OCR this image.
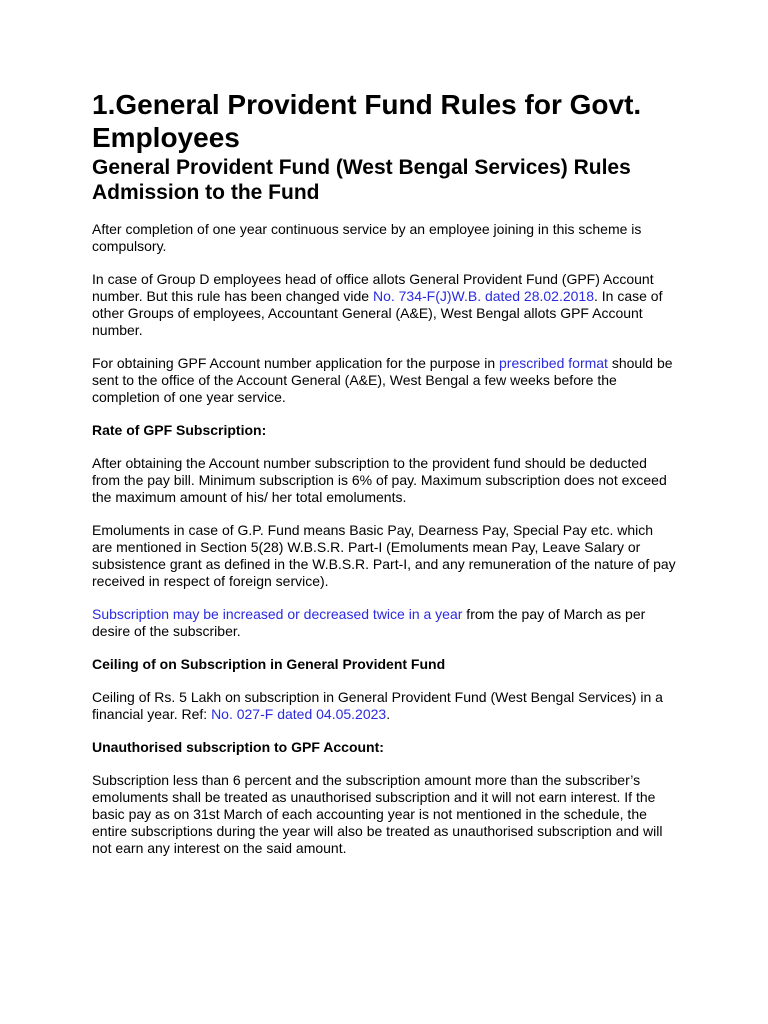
1.General Provident Fund Rules for Govt. Employees
General Provident Fund (West Bengal Services) Rules
Admission to the Fund

After completion of one year continuous service by an employee joining in this scheme is compulsory.

In case of Group D employees head of office allots General Provident Fund (GPF) Account number. But this rule has been changed vide No. 734-F(J)W.B. dated 28.02.2018. In case of other Groups of employees, Accountant General (A&E), West Bengal allots GPF Account number.

For obtaining GPF Account number application for the purpose in prescribed format should be sent to the office of the Account General (A&E), West Bengal a few weeks before the completion of one year service.

Rate of GPF Subscription:

After obtaining the Account number subscription to the provident fund should be deducted from the pay bill. Minimum subscription is 6% of pay. Maximum subscription does not exceed the maximum amount of his/ her total emoluments.

Emoluments in case of G.P. Fund means Basic Pay, Dearness Pay, Special Pay etc. which are mentioned in Section 5(28) W.B.S.R. Part-I (Emoluments mean Pay, Leave Salary or subsistence grant as defined in the W.B.S.R. Part-I, and any remuneration of the nature of pay received in respect of foreign service).

Subscription may be increased or decreased twice in a year from the pay of March as per desire of the subscriber.

Ceiling of on Subscription in General Provident Fund

Ceiling of Rs. 5 Lakh on subscription in General Provident Fund (West Bengal Services) in a financial year. Ref: No. 027-F dated 04.05.2023.

Unauthorised subscription to GPF Account:

Subscription less than 6 percent and the subscription amount more than the subscriber’s emoluments shall be treated as unauthorised subscription and it will not earn interest. If the basic pay as on 31st March of each accounting year is not mentioned in the schedule, the entire subscriptions during the year will also be treated as unauthorised subscription and will not earn any interest on the said amount.
